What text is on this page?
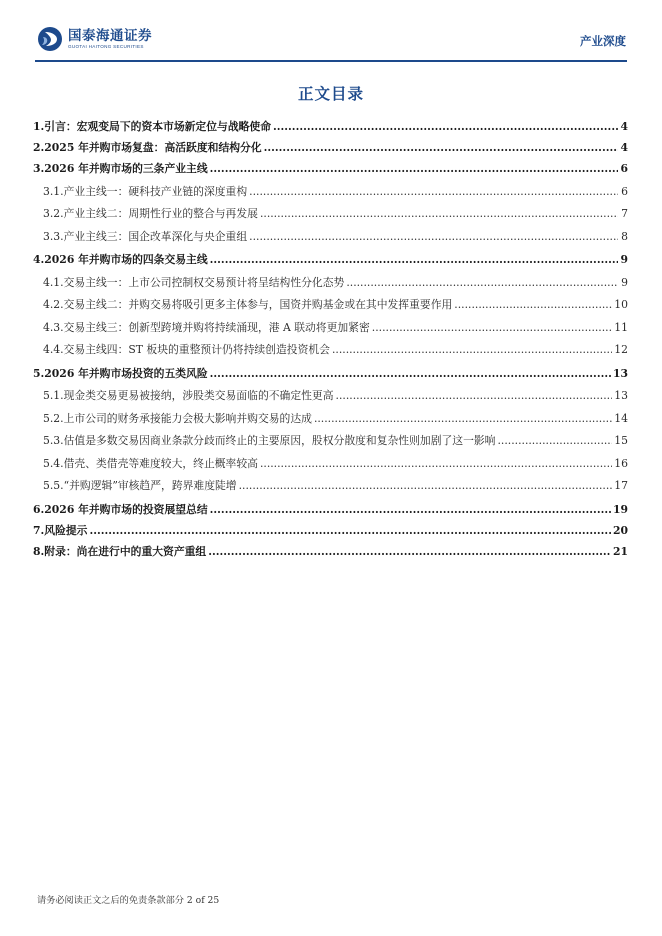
国泰海通证券
GUOTAI HAITONG SECURITIES	产业深度
正文目录
1. 引言：宏观变局下的资本市场新定位与战略使命 .....	4
2. 2025 年并购市场复盘：高活跃度和结构分化 .....	4
3. 2026 年并购市场的三条产业主线 .....	6
3.1. 产业主线一：硬科技产业链的深度重构 .....	6
3.2. 产业主线二：周期性行业的整合与再发展 .....	7
3.3. 产业主线三：国企改革深化与央企重组 .....	8
4. 2026 年并购市场的四条交易主线 .....	9
4.1. 交易主线一：上市公司控制权交易预计将呈结构性分化态势 .....	9
4.2. 交易主线二：并购交易将吸引更多主体参与，国资并购基金或在其中发挥重要作用 .....	10
4.3. 交易主线三：创新型跨境并购将持续涌现，港 A 联动将更加紧密 .....	11
4.4. 交易主线四：ST 板块的重整预计仍将持续创造投资机会 .....	12
5. 2026 年并购市场投资的五类风险 .....	13
5.1. 现金类交易更易被接纳，涉股类交易面临的不确定性更高 .....	13
5.2. 上市公司的财务承接能力会极大影响并购交易的达成 .....	14
5.3. 估值是多数交易因商业条款分歧而终止的主要原因，股权分散度和复杂性则加剧了这一影响 .....	15
5.4. 借壳、类借壳等难度较大，终止概率较高 .....	16
5.5. “并购逻辑”审核趋严，跨界难度陡增 .....	17
6. 2026 年并购市场的投资展望总结 .....	19
7. 风险提示 .....	20
8. 附录：尚在进行中的重大资产重组 .....	21
请务必阅读正文之后的免责条款部分 2 of 25
